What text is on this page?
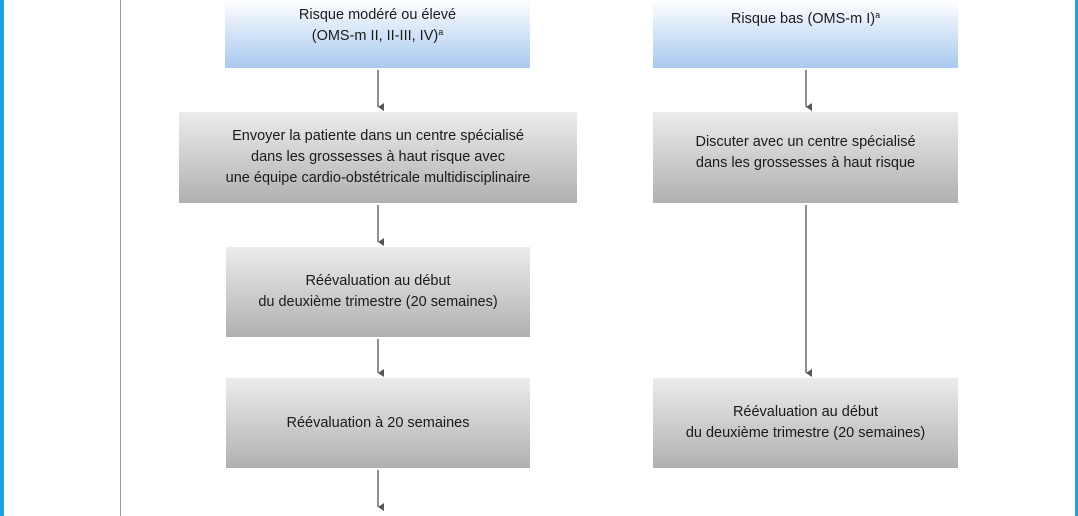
Risque modéré ou élevé
(OMS-m II, II-III, IV)$^a$
Envoyer la patiente dans un centre spécialisé
dans les grossesses à haut risque avec
une équipe cardio-obstétricale multidisciplinaire
Réévaluation au début
du deuxième trimestre (20 semaines)
Réévaluation à 20 semaines
Risque bas (OMS-m I)$^a$
Discuter avec un centre spécialisé
dans les grossesses à haut risque
Réévaluation au début
du deuxième trimestre (20 semaines)
